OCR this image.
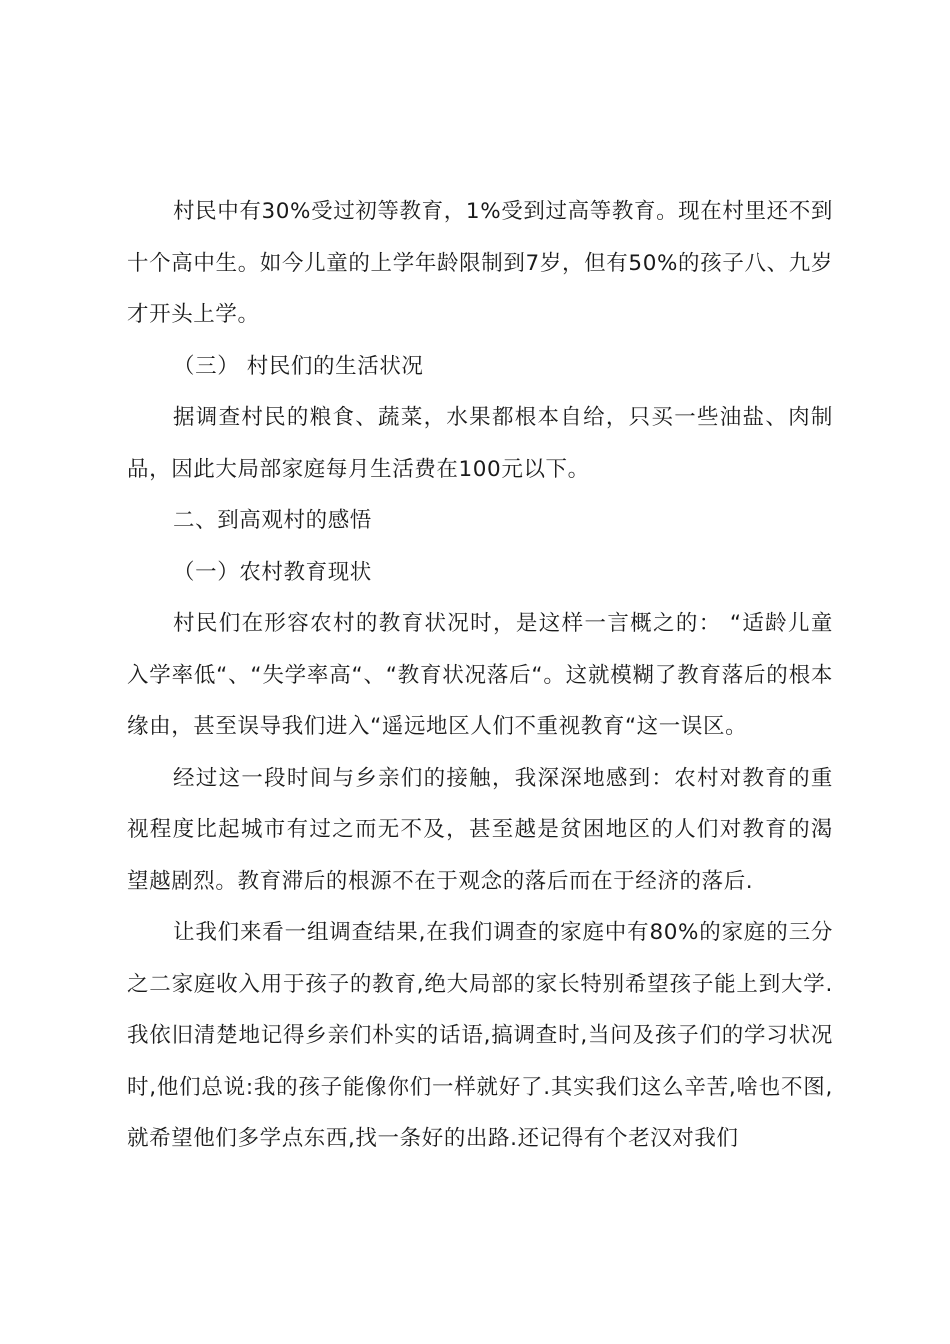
村民中有30%受过初等教育，1%受到过高等教育。现在村里还不到十个高中生。如今儿童的上学年龄限制到7岁，但有50%的孩子八、九岁才开头上学。

（三） 村民们的生活状况

据调查村民的粮食、蔬菜，水果都根本自给，只买一些油盐、肉制品，因此大局部家庭每月生活费在100元以下。

二、到高观村的感悟

（一）农村教育现状

村民们在形容农村的教育状况时，是这样一言概之的： “适龄儿童入学率低“、“失学率高“、“教育状况落后“。这就模糊了教育落后的根本缘由，甚至误导我们进入“遥远地区人们不重视教育“这一误区。

经过这一段时间与乡亲们的接触，我深深地感到：农村对教育的重视程度比起城市有过之而无不及，甚至越是贫困地区的人们对教育的渴望越剧烈。教育滞后的根源不在于观念的落后而在于经济的落后.

让我们来看一组调查结果,在我们调查的家庭中有80%的家庭的三分之二家庭收入用于孩子的教育,绝大局部的家长特别希望孩子能上到大学.我依旧清楚地记得乡亲们朴实的话语,搞调查时,当问及孩子们的学习状况时,他们总说:我的孩子能像你们一样就好了.其实我们这么辛苦,啥也不图,就希望他们多学点东西,找一条好的出路.还记得有个老汉对我们
